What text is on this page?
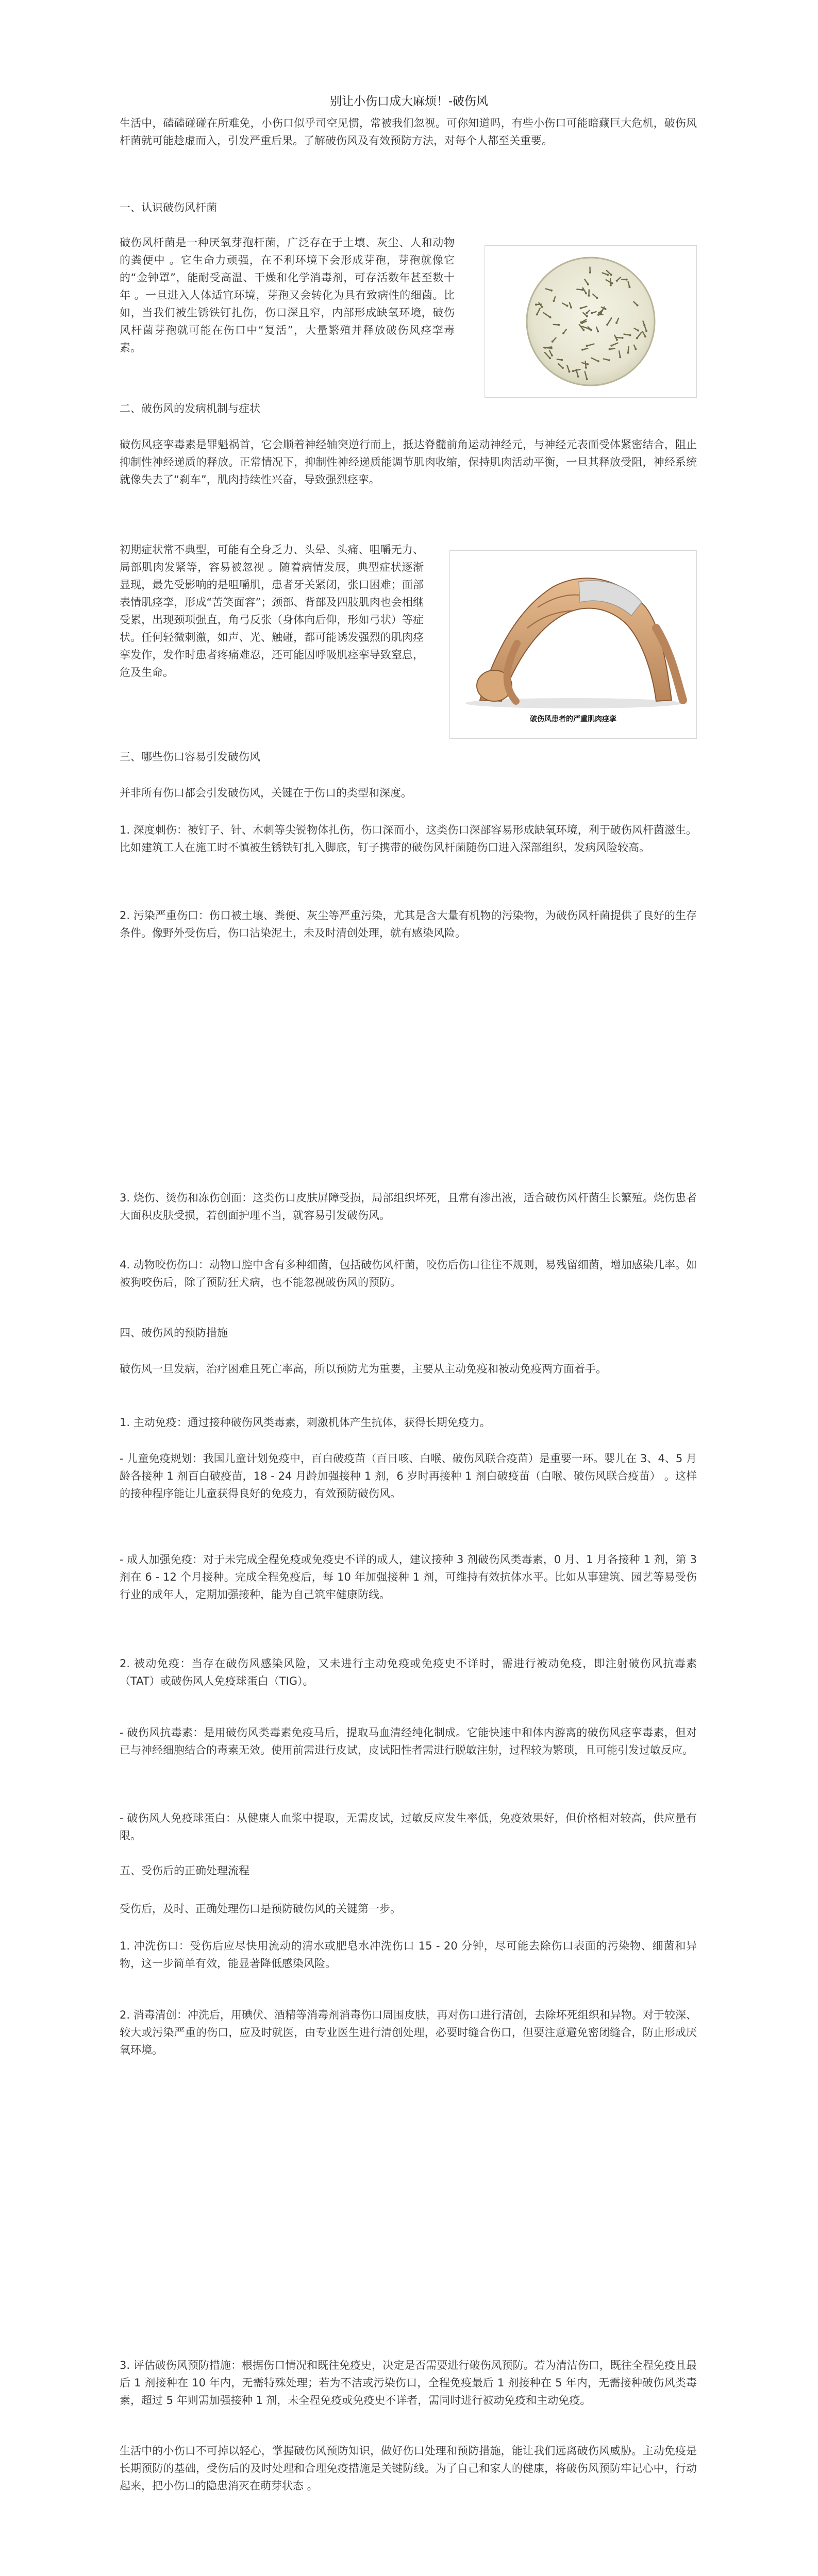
别让小伤口成大麻烦！-破伤风

生活中，磕磕碰碰在所难免，小伤口似乎司空见惯，常被我们忽视。可你知道吗，有些小伤口可能暗藏巨大危机，破伤风杆菌就可能趁虚而入，引发严重后果。了解破伤风及有效预防方法，对每个人都至关重要。

一、认识破伤风杆菌

破伤风杆菌是一种厌氧芽孢杆菌，广泛存在于土壤、灰尘、人和动物的粪便中 。它生命力顽强，在不利环境下会形成芽孢，芽孢就像它的“金钟罩”，能耐受高温、干燥和化学消毒剂，可存活数年甚至数十年 。一旦进入人体适宜环境，芽孢又会转化为具有致病性的细菌。比如，当我们被生锈铁钉扎伤，伤口深且窄，内部形成缺氧环境，破伤风杆菌芽孢就可能在伤口中“复活”，大量繁殖并释放破伤风痉挛毒素。

二、破伤风的发病机制与症状

破伤风痉挛毒素是罪魁祸首，它会顺着神经轴突逆行而上，抵达脊髓前角运动神经元，与神经元表面受体紧密结合，阻止抑制性神经递质的释放。正常情况下，抑制性神经递质能调节肌肉收缩，保持肌肉活动平衡，一旦其释放受阻，神经系统就像失去了“刹车”，肌肉持续性兴奋，导致强烈痉挛。

初期症状常不典型，可能有全身乏力、头晕、头痛、咀嚼无力、局部肌肉发紧等，容易被忽视 。随着病情发展，典型症状逐渐显现，最先受影响的是咀嚼肌，患者牙关紧闭，张口困难；面部表情肌痉挛，形成“苦笑面容”；颈部、背部及四肢肌肉也会相继受累，出现颈项强直，角弓反张（身体向后仰，形如弓状）等症状。任何轻微刺激，如声、光、触碰，都可能诱发强烈的肌肉痉挛发作，发作时患者疼痛难忍，还可能因呼吸肌痉挛导致窒息，危及生命。

破伤风患者的严重肌肉痉挛

三、哪些伤口容易引发破伤风

并非所有伤口都会引发破伤风，关键在于伤口的类型和深度。

1. 深度刺伤：被钉子、针、木刺等尖锐物体扎伤，伤口深而小，这类伤口深部容易形成缺氧环境，利于破伤风杆菌滋生。比如建筑工人在施工时不慎被生锈铁钉扎入脚底，钉子携带的破伤风杆菌随伤口进入深部组织，发病风险较高。

2. 污染严重伤口：伤口被土壤、粪便、灰尘等严重污染，尤其是含大量有机物的污染物，为破伤风杆菌提供了良好的生存条件。像野外受伤后，伤口沾染泥土，未及时清创处理，就有感染风险。

3. 烧伤、烫伤和冻伤创面：这类伤口皮肤屏障受损，局部组织坏死，且常有渗出液，适合破伤风杆菌生长繁殖。烧伤患者大面积皮肤受损，若创面护理不当，就容易引发破伤风。

4. 动物咬伤伤口：动物口腔中含有多种细菌，包括破伤风杆菌，咬伤后伤口往往不规则，易残留细菌，增加感染几率。如被狗咬伤后，除了预防狂犬病，也不能忽视破伤风的预防。

四、破伤风的预防措施

破伤风一旦发病，治疗困难且死亡率高，所以预防尤为重要，主要从主动免疫和被动免疫两方面着手。

1. 主动免疫：通过接种破伤风类毒素，刺激机体产生抗体，获得长期免疫力。

- 儿童免疫规划：我国儿童计划免疫中，百白破疫苗（百日咳、白喉、破伤风联合疫苗）是重要一环。婴儿在 3、4、5 月龄各接种 1 剂百白破疫苗，18 - 24 月龄加强接种 1 剂，6 岁时再接种 1 剂白破疫苗（白喉、破伤风联合疫苗） 。这样的接种程序能让儿童获得良好的免疫力，有效预防破伤风。

- 成人加强免疫：对于未完成全程免疫或免疫史不详的成人，建议接种 3 剂破伤风类毒素，0 月、1 月各接种 1 剂，第 3 剂在 6 - 12 个月接种。完成全程免疫后，每 10 年加强接种 1 剂，可维持有效抗体水平。比如从事建筑、园艺等易受伤行业的成年人，定期加强接种，能为自己筑牢健康防线。

2. 被动免疫：当存在破伤风感染风险，又未进行主动免疫或免疫史不详时，需进行被动免疫，即注射破伤风抗毒素（TAT）或破伤风人免疫球蛋白（TIG）。

- 破伤风抗毒素：是用破伤风类毒素免疫马后，提取马血清经纯化制成。它能快速中和体内游离的破伤风痉挛毒素，但对已与神经细胞结合的毒素无效。使用前需进行皮试，皮试阳性者需进行脱敏注射，过程较为繁琐，且可能引发过敏反应。

- 破伤风人免疫球蛋白：从健康人血浆中提取，无需皮试，过敏反应发生率低，免疫效果好，但价格相对较高，供应量有限。

五、受伤后的正确处理流程

受伤后，及时、正确处理伤口是预防破伤风的关键第一步。

1. 冲洗伤口：受伤后应尽快用流动的清水或肥皂水冲洗伤口 15 - 20 分钟，尽可能去除伤口表面的污染物、细菌和异物，这一步简单有效，能显著降低感染风险。

2. 消毒清创：冲洗后，用碘伏、酒精等消毒剂消毒伤口周围皮肤，再对伤口进行清创，去除坏死组织和异物。对于较深、较大或污染严重的伤口，应及时就医，由专业医生进行清创处理，必要时缝合伤口，但要注意避免密闭缝合，防止形成厌氧环境。

3. 评估破伤风预防措施：根据伤口情况和既往免疫史，决定是否需要进行破伤风预防。若为清洁伤口，既往全程免疫且最后 1 剂接种在 10 年内，无需特殊处理；若为不洁或污染伤口，全程免疫最后 1 剂接种在 5 年内，无需接种破伤风类毒素，超过 5 年则需加强接种 1 剂，未全程免疫或免疫史不详者，需同时进行被动免疫和主动免疫。

生活中的小伤口不可掉以轻心，掌握破伤风预防知识，做好伤口处理和预防措施，能让我们远离破伤风威胁。主动免疫是长期预防的基础，受伤后的及时处理和合理免疫措施是关键防线。为了自己和家人的健康，将破伤风预防牢记心中，行动起来，把小伤口的隐患消灭在萌芽状态 。
